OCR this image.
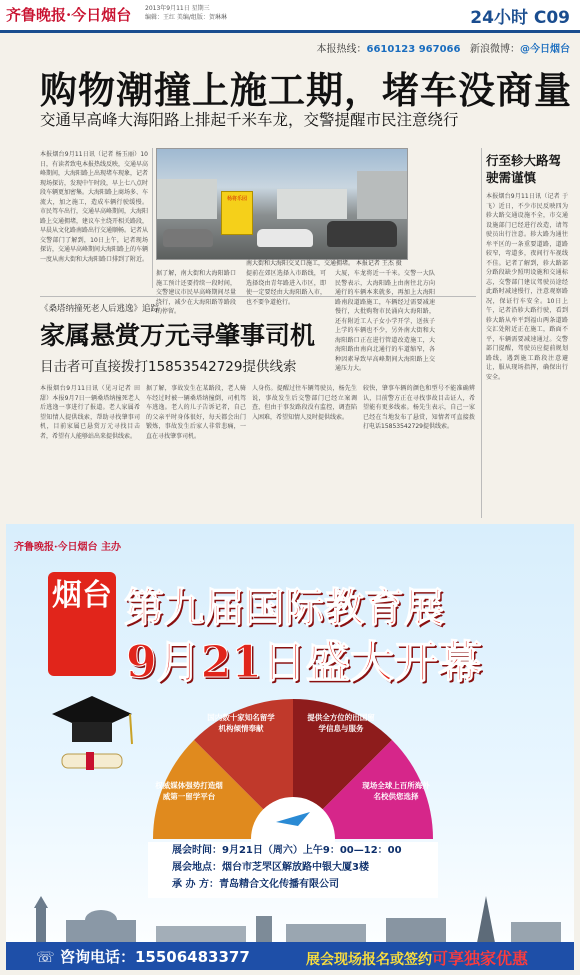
齐鲁晚报·今日烟台 2013年9月11日 星期三
编辑：王红 美编/组版：贺琳琳	24小时 C09
本报热线：6610123 967066 新浪微博：@今日烟台
购物潮撞上施工期，堵车没商量
交通早高峰大海阳路上排起千米车龙，交警提醒市民注意绕行
本报烟台9月11日讯（记者 杨玉丽）10日，有读者致电本报热线反映，交通早高峰期间，大海阳路上出现堵车现象，记者现场探访，发现中午时段，早上七八点时段车辆更加密集。大海阳路上商场多、车流大，加之施工，造成车辆行驶缓慢。 市民驾车出行，交通早高峰期间，大海阳路上交通拥堵，建议车主绕开相关路段，早晨从文化路南路出行交通顺畅。记者从交警部门了解到，10日上午，记者现场探访，交通早高峰期间大海阳路上的车辆一度从南大街和大海阳路口排到了附近。
杨将乐园
南大街和大海阳交叉口施工，交通拥堵。 本报记者 王杰 摄
据了解，南大街和大海阳路口施工预计还要持续一段时间，交警建议市民早高峰期间尽量绕行，减少在大海阳路等路段的停留。
提前在郊区选择入市路线，可选择绕由青年路进入市区，即使一定要经由大海阳路入市，也不要争道抢行。
大厦，车龙将近一千米。交警一大队民警表示，大海阳路上由南往北方向通行的车辆本来就多，再加上大海阳路南段道路施工，车辆经过需要减速慢行，大批购物市民涌向大海阳路，还有附近工人子女小学开学，送孩子上学的车辆也不少，另外南大街和大海阳路口正在进行管道改造施工，大海阳路由南向北通行的车道缩窄，各种因素导致早高峰期间大海阳路上交通压力大。
行至轸大路驾驶需谨慎
本报烟台9月11日讯（记者 于飞）近日，不少市民反映四为轸大路交通设施不全，市交通设施部门已经进行改造，请驾驶员出行注意。轸大路为通往牟平区的一条重要道路，道路较窄，弯道多，夜间行车视线不佳。记者了解到，轸大路部分路段缺少照明设施和交通标志，交警部门建议驾驶员途经此路时减速慢行，注意观察路况，保证行车安全。10日上午，记者沿轸大路行驶，看到轸大路从牟平到福山两条道路交汇处附近正在施工，路面不平，车辆需要减速通过。交警部门提醒，驾驶员应提前规划路线，遇到施工路段注意避让，服从现场指挥，确保出行安全。
《桑塔纳撞死老人后逃逸》追踪
家属悬赏万元寻肇事司机
目击者可直接拨打15853542729提供线索
本报烟台9月11日讯（见习记者 田甜）本报9月7日一辆桑塔纳撞死老人后逃逸一事进行了报道。老人家属希望知情人提供线索，帮助寻找肇事司机，目前家属已悬赏万元寻找目击者，希望有人能够站出来提供线索。
据了解，事故发生在某路段，老人骑车经过时被一辆桑塔纳撞倒，司机驾车逃逸。老人的儿子告诉记者，自己的父亲平时身体很好，每天都会出门锻炼，事故发生后家人非常悲痛，一直在寻找肇事司机。
人身伤。提醒过往车辆驾驶员，杨先生说，事故发生后交警部门已经立案调查，但由于事发路段没有监控，调查陷入困难，希望知情人及时提供线索。
较快，肇事车辆的颜色和型号不能准确辨认，目前警方正在寻找事故目击证人，希望能有更多线索。杨先生表示，自己一家已经在当地发布了悬赏，知情者可直接拨打电话15853542729提供线索。
齐鲁晚报·今日烟台 主办
烟台 第九届国际教育展
9月21日盛大开幕
国内数十家知名留学机构倾情奉献
提供全方位的出国留学信息与服务
权威媒体强势打造烟威第一留学平台
现场全球上百所海外名校供您选择
展会时间：9月21日（周六）上午9：00—12：00
展会地点：烟台市芝罘区解放路中银大厦3楼
承 办 方：青岛精合文化传播有限公司
☏ 咨询电话：15506483377	展会现场报名或签约可享独家优惠
